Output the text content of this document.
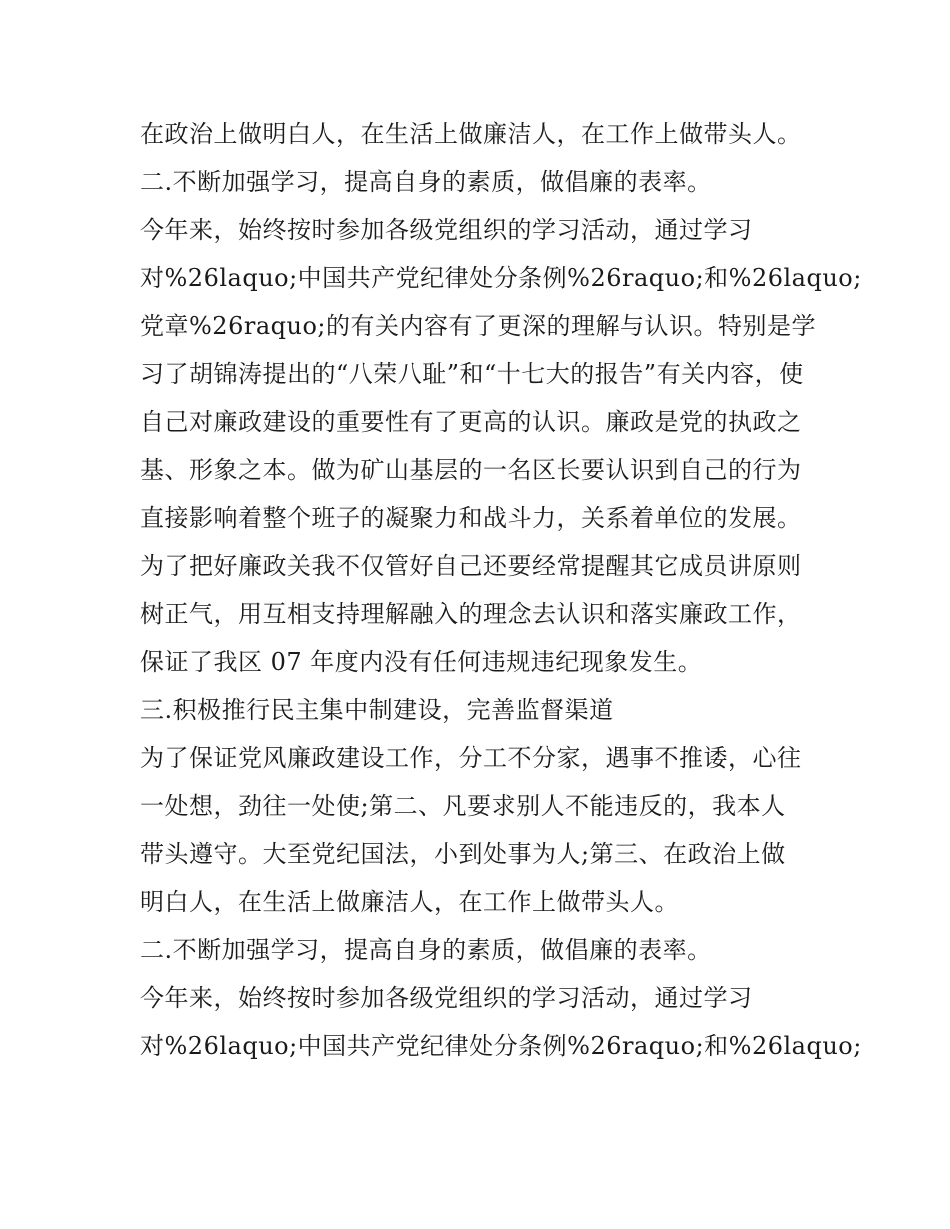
在政治上做明白人，在生活上做廉洁人，在工作上做带头人。
二.不断加强学习，提高自身的素质，做倡廉的表率。
今年来，始终按时参加各级党组织的学习活动，通过学习
对%26laquo;中国共产党纪律处分条例%26raquo;和%26laquo;
党章%26raquo;的有关内容有了更深的理解与认识。特别是学
习了胡锦涛提出的“八荣八耻”和“十七大的报告”有关内容，使
自己对廉政建设的重要性有了更高的认识。廉政是党的执政之
基、形象之本。做为矿山基层的一名区长要认识到自己的行为
直接影响着整个班子的凝聚力和战斗力，关系着单位的发展。
为了把好廉政关我不仅管好自己还要经常提醒其它成员讲原则
树正气，用互相支持理解融入的理念去认识和落实廉政工作，
保证了我区 07 年度内没有任何违规违纪现象发生。
三.积极推行民主集中制建设，完善监督渠道
为了保证党风廉政建设工作，分工不分家，遇事不推诿，心往
一处想，劲往一处使;第二、凡要求别人不能违反的，我本人
带头遵守。大至党纪国法，小到处事为人;第三、在政治上做
明白人，在生活上做廉洁人，在工作上做带头人。
二.不断加强学习，提高自身的素质，做倡廉的表率。
今年来，始终按时参加各级党组织的学习活动，通过学习
对%26laquo;中国共产党纪律处分条例%26raquo;和%26laquo;
